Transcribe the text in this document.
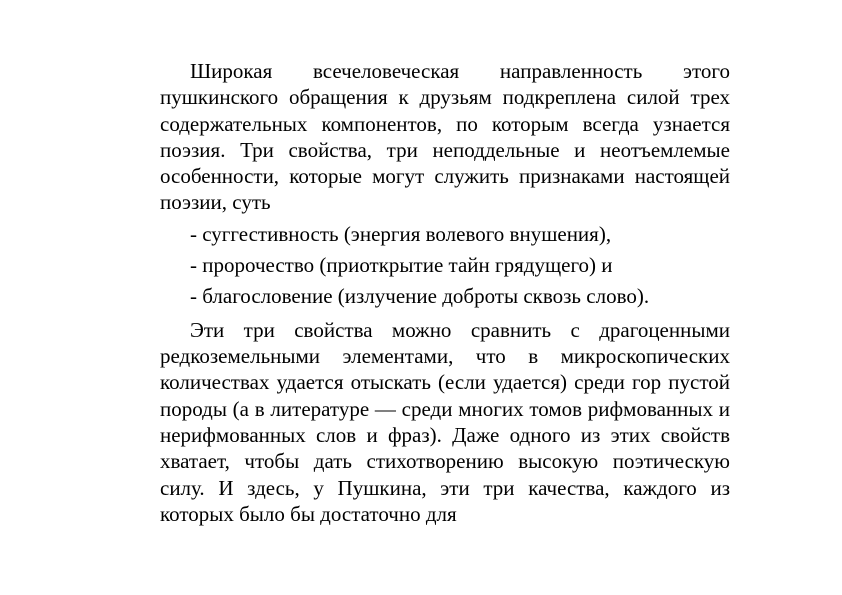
Широкая всечеловеческая направленность этого пушкинского обращения к друзьям подкреплена силой трех содержательных компонентов, по которым всегда узнается поэзия. Три свойства, три неподдельные и неотъемлемые особенности, которые могут служить признаками настоящей поэзии, суть

- суггестивность (энергия волевого внушения),
- пророчество (приоткрытие тайн грядущего) и
- благословение (излучение доброты сквозь слово).

Эти три свойства можно сравнить с драгоценными редкоземельными элементами, что в микроскопических количествах удается отыскать (если удается) среди гор пустой породы (а в литературе — среди многих томов рифмованных и нерифмованных слов и фраз). Даже одного из этих свойств хватает, чтобы дать стихотворению высокую поэтическую силу. И здесь, у Пушкина, эти три качества, каждого из которых было бы достаточно для
